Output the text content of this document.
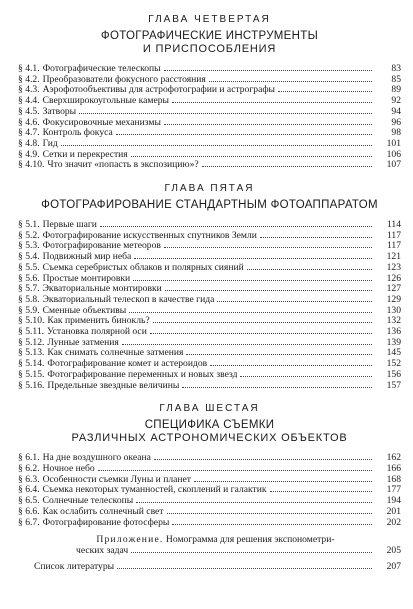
ГЛАВА ЧЕТВЕРТАЯ
ФОТОГРАФИЧЕСКИЕ ИНСТРУМЕНТЫ
И ПРИСПОСОБЛЕНИЯ
§ 4.1. Фотографические телескопы	83
§ 4.2. Преобразователи фокусного расстояния	85
§ 4.3. Аэрофотообъективы для астрофотографии и астрографы	89
§ 4.4. Сверхширокоугольные камеры	92
§ 4.5. Затворы	94
§ 4.6. Фокусировочные механизмы	96
§ 4.7. Контроль фокуса	98
§ 4.8. Гид	101
§ 4.9. Сетки и перекрестия	106
§ 4.10. Что значит «попасть в экспозицию»?	107
ГЛАВА ПЯТАЯ
ФОТОГРАФИРОВАНИЕ СТАНДАРТНЫМ ФОТОАППАРАТОМ
§ 5.1. Первые шаги	114
§ 5.2. Фотографирование искусственных спутников Земли	117
§ 5.3. Фотографирование метеоров	117
§ 5.4. Подвижный мир неба	121
§ 5.5. Съемка серебристых облаков и полярных сияний	123
§ 5.6. Простые монтировки	126
§ 5.7. Экваториальные монтировки	127
§ 5.8. Экваториальный телескоп в качестве гида	129
§ 5.9. Сменные объективы	130
§ 5.10. Как применить бинокль?	132
§ 5.11. Установка полярной оси	136
§ 5.12. Лунные затмения	139
§ 5.13. Как снимать солнечные затмения	145
§ 5.14. Фотографирование комет и астероидов	152
§ 5.15. Фотографирование переменных и новых звезд	156
§ 5.16. Предельные звездные величины	157
ГЛАВА ШЕСТАЯ
СПЕЦИФИКА СЪЕМКИ
РАЗЛИЧНЫХ АСТРОНОМИЧЕСКИХ ОБЪЕКТОВ
§ 6.1. На дне воздушного океана	162
§ 6.2. Ночное небо	166
§ 6.3. Особенности съемки Луны и планет	168
§ 6.4. Съемка некоторых туманностей, скоплений и галактик	177
§ 6.5. Солнечные телескопы	194
§ 6.6. Как ослабить солнечный свет	201
§ 6.7. Фотографирование фотосферы	202
Приложение. Номограмма для решения экспонометри-
ческих задач	205
Список литературы	207
